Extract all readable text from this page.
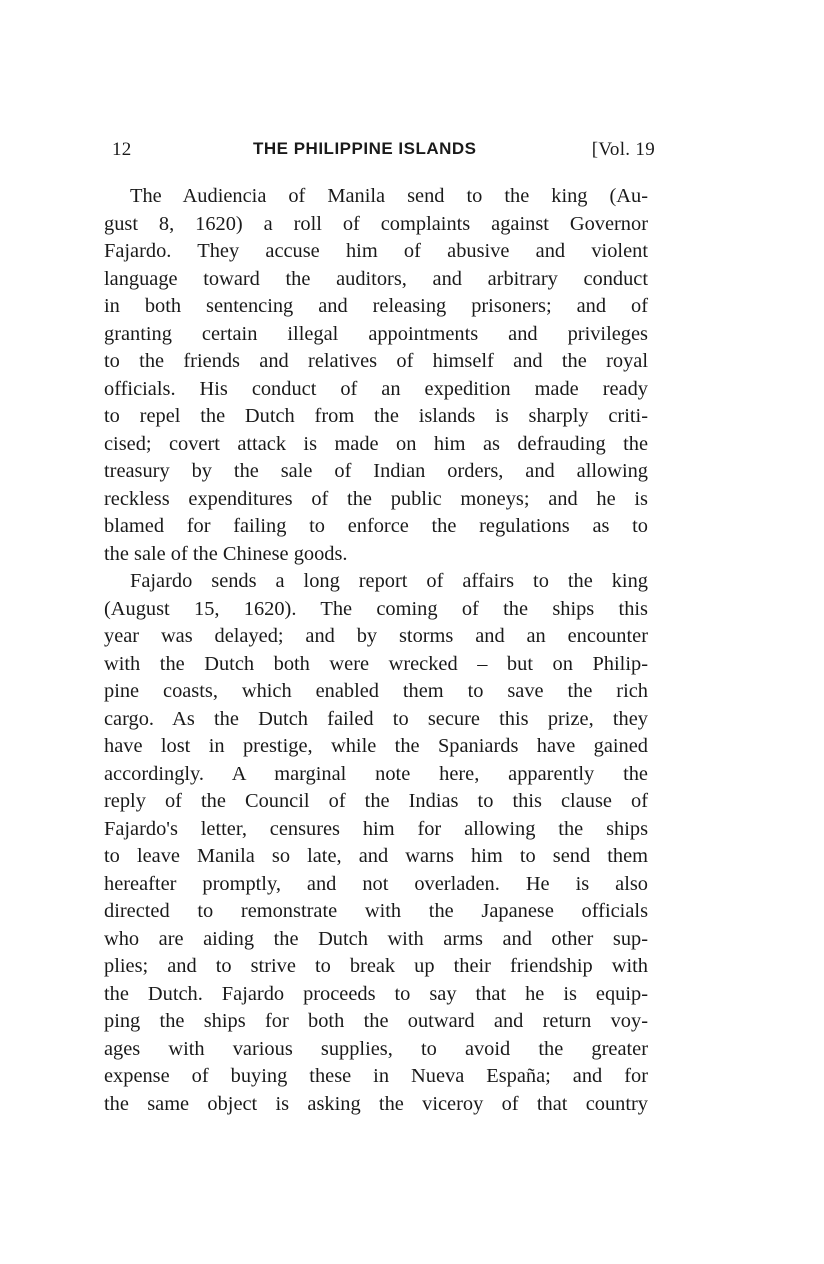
12	THE PHILIPPINE ISLANDS	[Vol. 19

The Audiencia of Manila send to the king (Au-
gust 8, 1620) a roll of complaints against Governor
Fajardo. They accuse him of abusive and violent
language toward the auditors, and arbitrary conduct
in both sentencing and releasing prisoners; and of
granting certain illegal appointments and privileges
to the friends and relatives of himself and the royal
officials. His conduct of an expedition made ready
to repel the Dutch from the islands is sharply criti-
cised; covert attack is made on him as defrauding the
treasury by the sale of Indian orders, and allowing
reckless expenditures of the public moneys; and he is
blamed for failing to enforce the regulations as to
the sale of the Chinese goods.

Fajardo sends a long report of affairs to the king
(August 15, 1620). The coming of the ships this
year was delayed; and by storms and an encounter
with the Dutch both were wrecked – but on Philip-
pine coasts, which enabled them to save the rich
cargo. As the Dutch failed to secure this prize, they
have lost in prestige, while the Spaniards have gained
accordingly. A marginal note here, apparently the
reply of the Council of the Indias to this clause of
Fajardo's letter, censures him for allowing the ships
to leave Manila so late, and warns him to send them
hereafter promptly, and not overladen. He is also
directed to remonstrate with the Japanese officials
who are aiding the Dutch with arms and other sup-
plies; and to strive to break up their friendship with
the Dutch. Fajardo proceeds to say that he is equip-
ping the ships for both the outward and return voy-
ages with various supplies, to avoid the greater
expense of buying these in Nueva España; and for
the same object is asking the viceroy of that country
